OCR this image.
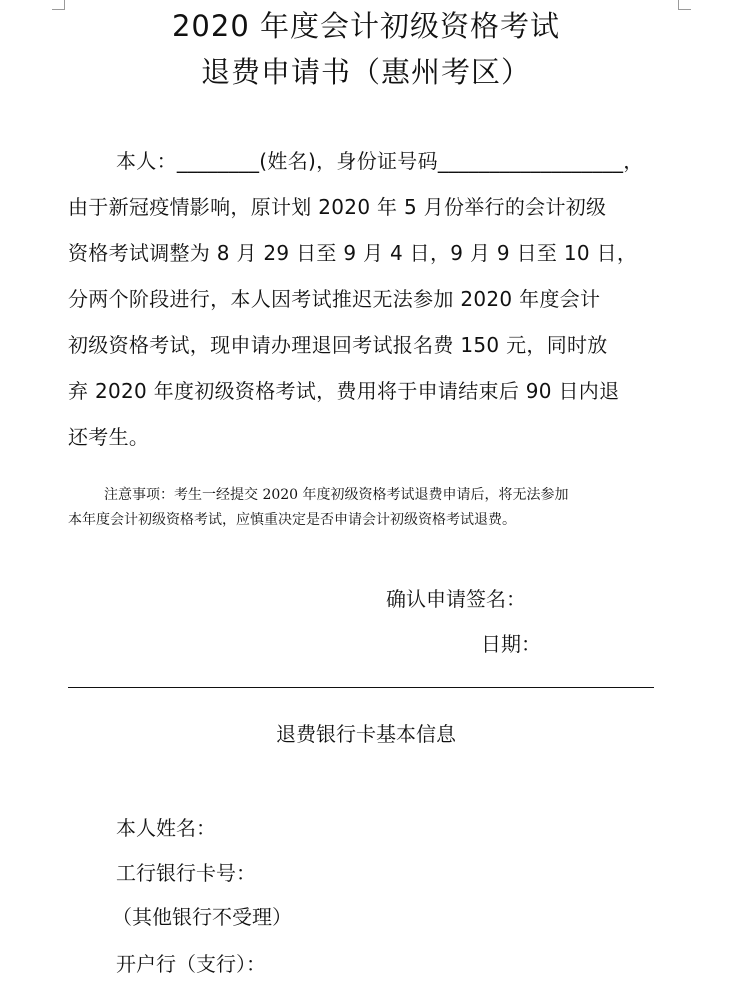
2020 年度会计初级资格考试
退费申请书（惠州考区）
本人：________(姓名)，身份证号码__________________，
由于新冠疫情影响，原计划 2020 年 5 月份举行的会计初级
资格考试调整为 8 月 29 日至 9 月 4 日，9 月 9 日至 10 日，
分两个阶段进行，本人因考试推迟无法参加 2020 年度会计
初级资格考试，现申请办理退回考试报名费 150 元，同时放
弃 2020 年度初级资格考试，费用将于申请结束后 90 日内退
还考生。
注意事项：考生一经提交 2020 年度初级资格考试退费申请后，将无法参加
本年度会计初级资格考试，应慎重决定是否申请会计初级资格考试退费。
确认申请签名：
日期：
退费银行卡基本信息
本人姓名：
工行银行卡号：
（其他银行不受理）
开户行（支行）：
